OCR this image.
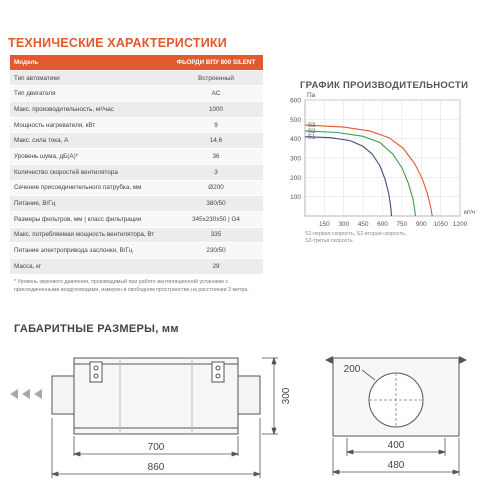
ТЕХНИЧЕСКИЕ ХАРАКТЕРИСТИКИ
Модель	ФЬОРДИ ВПУ 800 SILENT
Тип автоматики	Встроенный
Тип двигателя	AC
Макс. производительность, м³/час	1000
Мощность нагревателя, кВт	9
Макс. сила тока, А	14,6
Уровень шума, дБ(А)*	36
Количество скоростей вентилятора	3
Сечение присоединительного патрубка, мм	Ø200
Питание, В/Гц	380/50
Размеры фильтров, мм | класс фильтрации	345x230x50 | G4
Макс. потребляемая мощность вентилятора, Вт	335
Питание электропривода заслонки, В/Гц	230/50
Масса, кг	29
* Уровень звукового давления, производимый при работе вентиляционной установки с присоединенными воздуховодами, измерен в свободном пространстве на расстоянии 3 метра.
ГРАФИК ПРОИЗВОДИТЕЛЬНОСТИ
150 300 450 600 750 900 1050 1200
100
200
300
400
500
600
Па
м³/ч
S1
S2
S3
S1-первая скорость, S2-вторая скорость,
S3-третья скорость
ГАБАРИТНЫЕ РАЗМЕРЫ, мм
700
860
300
200
400
480
